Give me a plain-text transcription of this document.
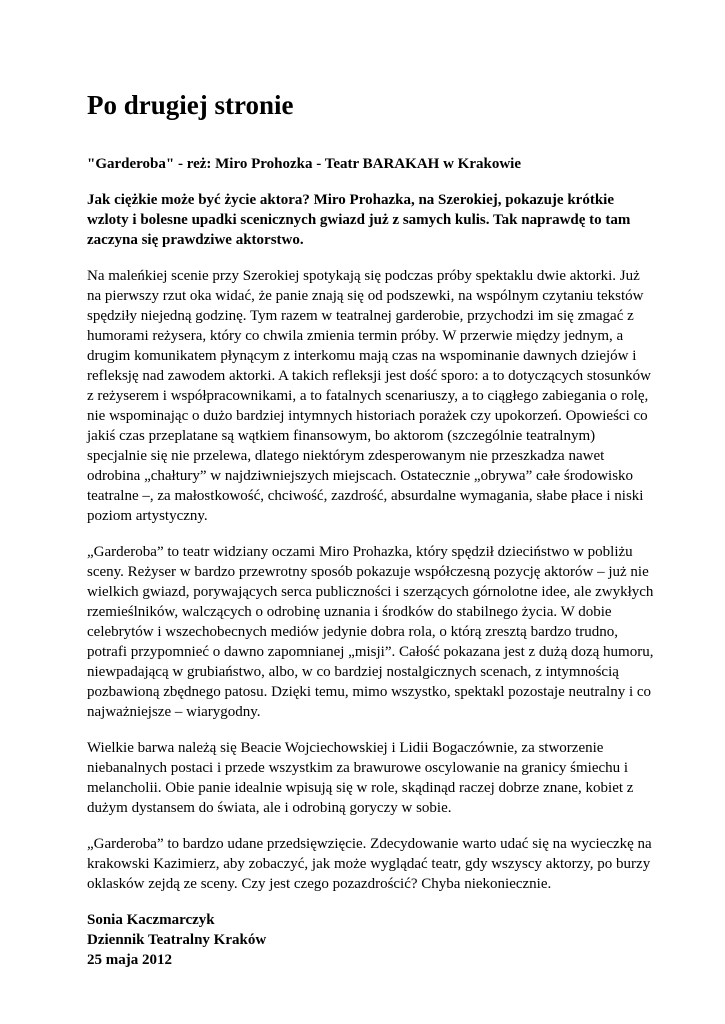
Po drugiej stronie
"Garderoba" - reż: Miro Prohozka - Teatr BARAKAH w Krakowie
Jak ciężkie może być życie aktora? Miro Prohazka, na Szerokiej, pokazuje krótkie
wzloty i bolesne upadki scenicznych gwiazd już z samych kulis. Tak naprawdę to tam
zaczyna się prawdziwe aktorstwo.
Na maleńkiej scenie przy Szerokiej spotykają się podczas próby spektaklu dwie aktorki. Już
na pierwszy rzut oka widać, że panie znają się od podszewki, na wspólnym czytaniu tekstów
spędziły niejedną godzinę. Tym razem w teatralnej garderobie, przychodzi im się zmagać z
humorami reżysera, który co chwila zmienia termin próby. W przerwie między jednym, a
drugim komunikatem płynącym z interkomu mają czas na wspominanie dawnych dziejów i
refleksję nad zawodem aktorki. A takich refleksji jest dość sporo: a to dotyczących stosunków
z reżyserem i współpracownikami, a to fatalnych scenariuszy, a to ciągłego zabiegania o rolę,
nie wspominając o dużo bardziej intymnych historiach porażek czy upokorzeń. Opowieści co
jakiś czas przeplatane są wątkiem finansowym, bo aktorom (szczególnie teatralnym)
specjalnie się nie przelewa, dlatego niektórym zdesperowanym nie przeszkadza nawet
odrobina „chałtury” w najdziwniejszych miejscach. Ostatecznie „obrywa” całe środowisko
teatralne –, za małostkowość, chciwość, zazdrość, absurdalne wymagania, słabe płace i niski
poziom artystyczny.
„Garderoba” to teatr widziany oczami Miro Prohazka, który spędził dzieciństwo w pobliżu
sceny. Reżyser w bardzo przewrotny sposób pokazuje współczesną pozycję aktorów – już nie
wielkich gwiazd, porywających serca publiczności i szerzących górnolotne idee, ale zwykłych
rzemieślników, walczących o odrobinę uznania i środków do stabilnego życia. W dobie
celebrytów i wszechobecnych mediów jedynie dobra rola, o którą zresztą bardzo trudno,
potrafi przypomnieć o dawno zapomnianej „misji”. Całość pokazana jest z dużą dozą humoru,
niewpadającą w grubiaństwo, albo, w co bardziej nostalgicznych scenach, z intymnością
pozbawioną zbędnego patosu. Dzięki temu, mimo wszystko, spektakl pozostaje neutralny i co
najważniejsze – wiarygodny.
Wielkie barwa należą się Beacie Wojciechowskiej i Lidii Bogaczównie, za stworzenie
niebanalnych postaci i przede wszystkim za brawurowe oscylowanie na granicy śmiechu i
melancholii. Obie panie idealnie wpisują się w role, skądinąd raczej dobrze znane, kobiet z
dużym dystansem do świata, ale i odrobiną goryczy w sobie.
„Garderoba” to bardzo udane przedsięwzięcie. Zdecydowanie warto udać się na wycieczkę na
krakowski Kazimierz, aby zobaczyć, jak może wyglądać teatr, gdy wszyscy aktorzy, po burzy
oklasków zejdą ze sceny. Czy jest czego pozazdrościć? Chyba niekoniecznie.
Sonia Kaczmarczyk
Dziennik Teatralny Kraków
25 maja 2012
